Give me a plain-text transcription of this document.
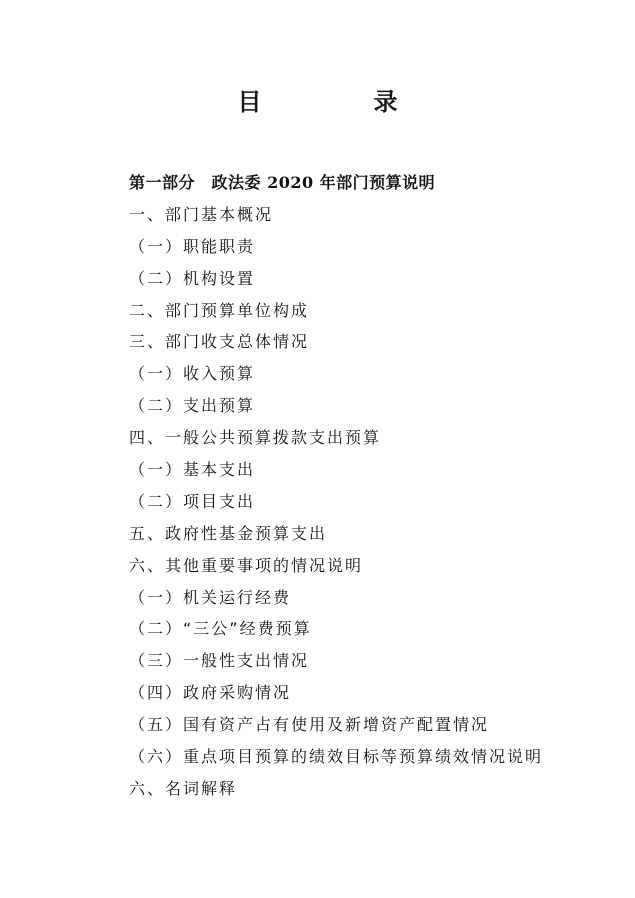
目　录
第一部分　政法委 2020 年部门预算说明
一、部门基本概况
（一）职能职责
（二）机构设置
二、部门预算单位构成
三、部门收支总体情况
（一）收入预算
（二）支出预算
四、一般公共预算拨款支出预算
（一）基本支出
（二）项目支出
五、政府性基金预算支出
六、其他重要事项的情况说明
（一）机关运行经费
（二）“三公”经费预算
（三）一般性支出情况
（四）政府采购情况
（五）国有资产占有使用及新增资产配置情况
（六）重点项目预算的绩效目标等预算绩效情况说明
六、名词解释
